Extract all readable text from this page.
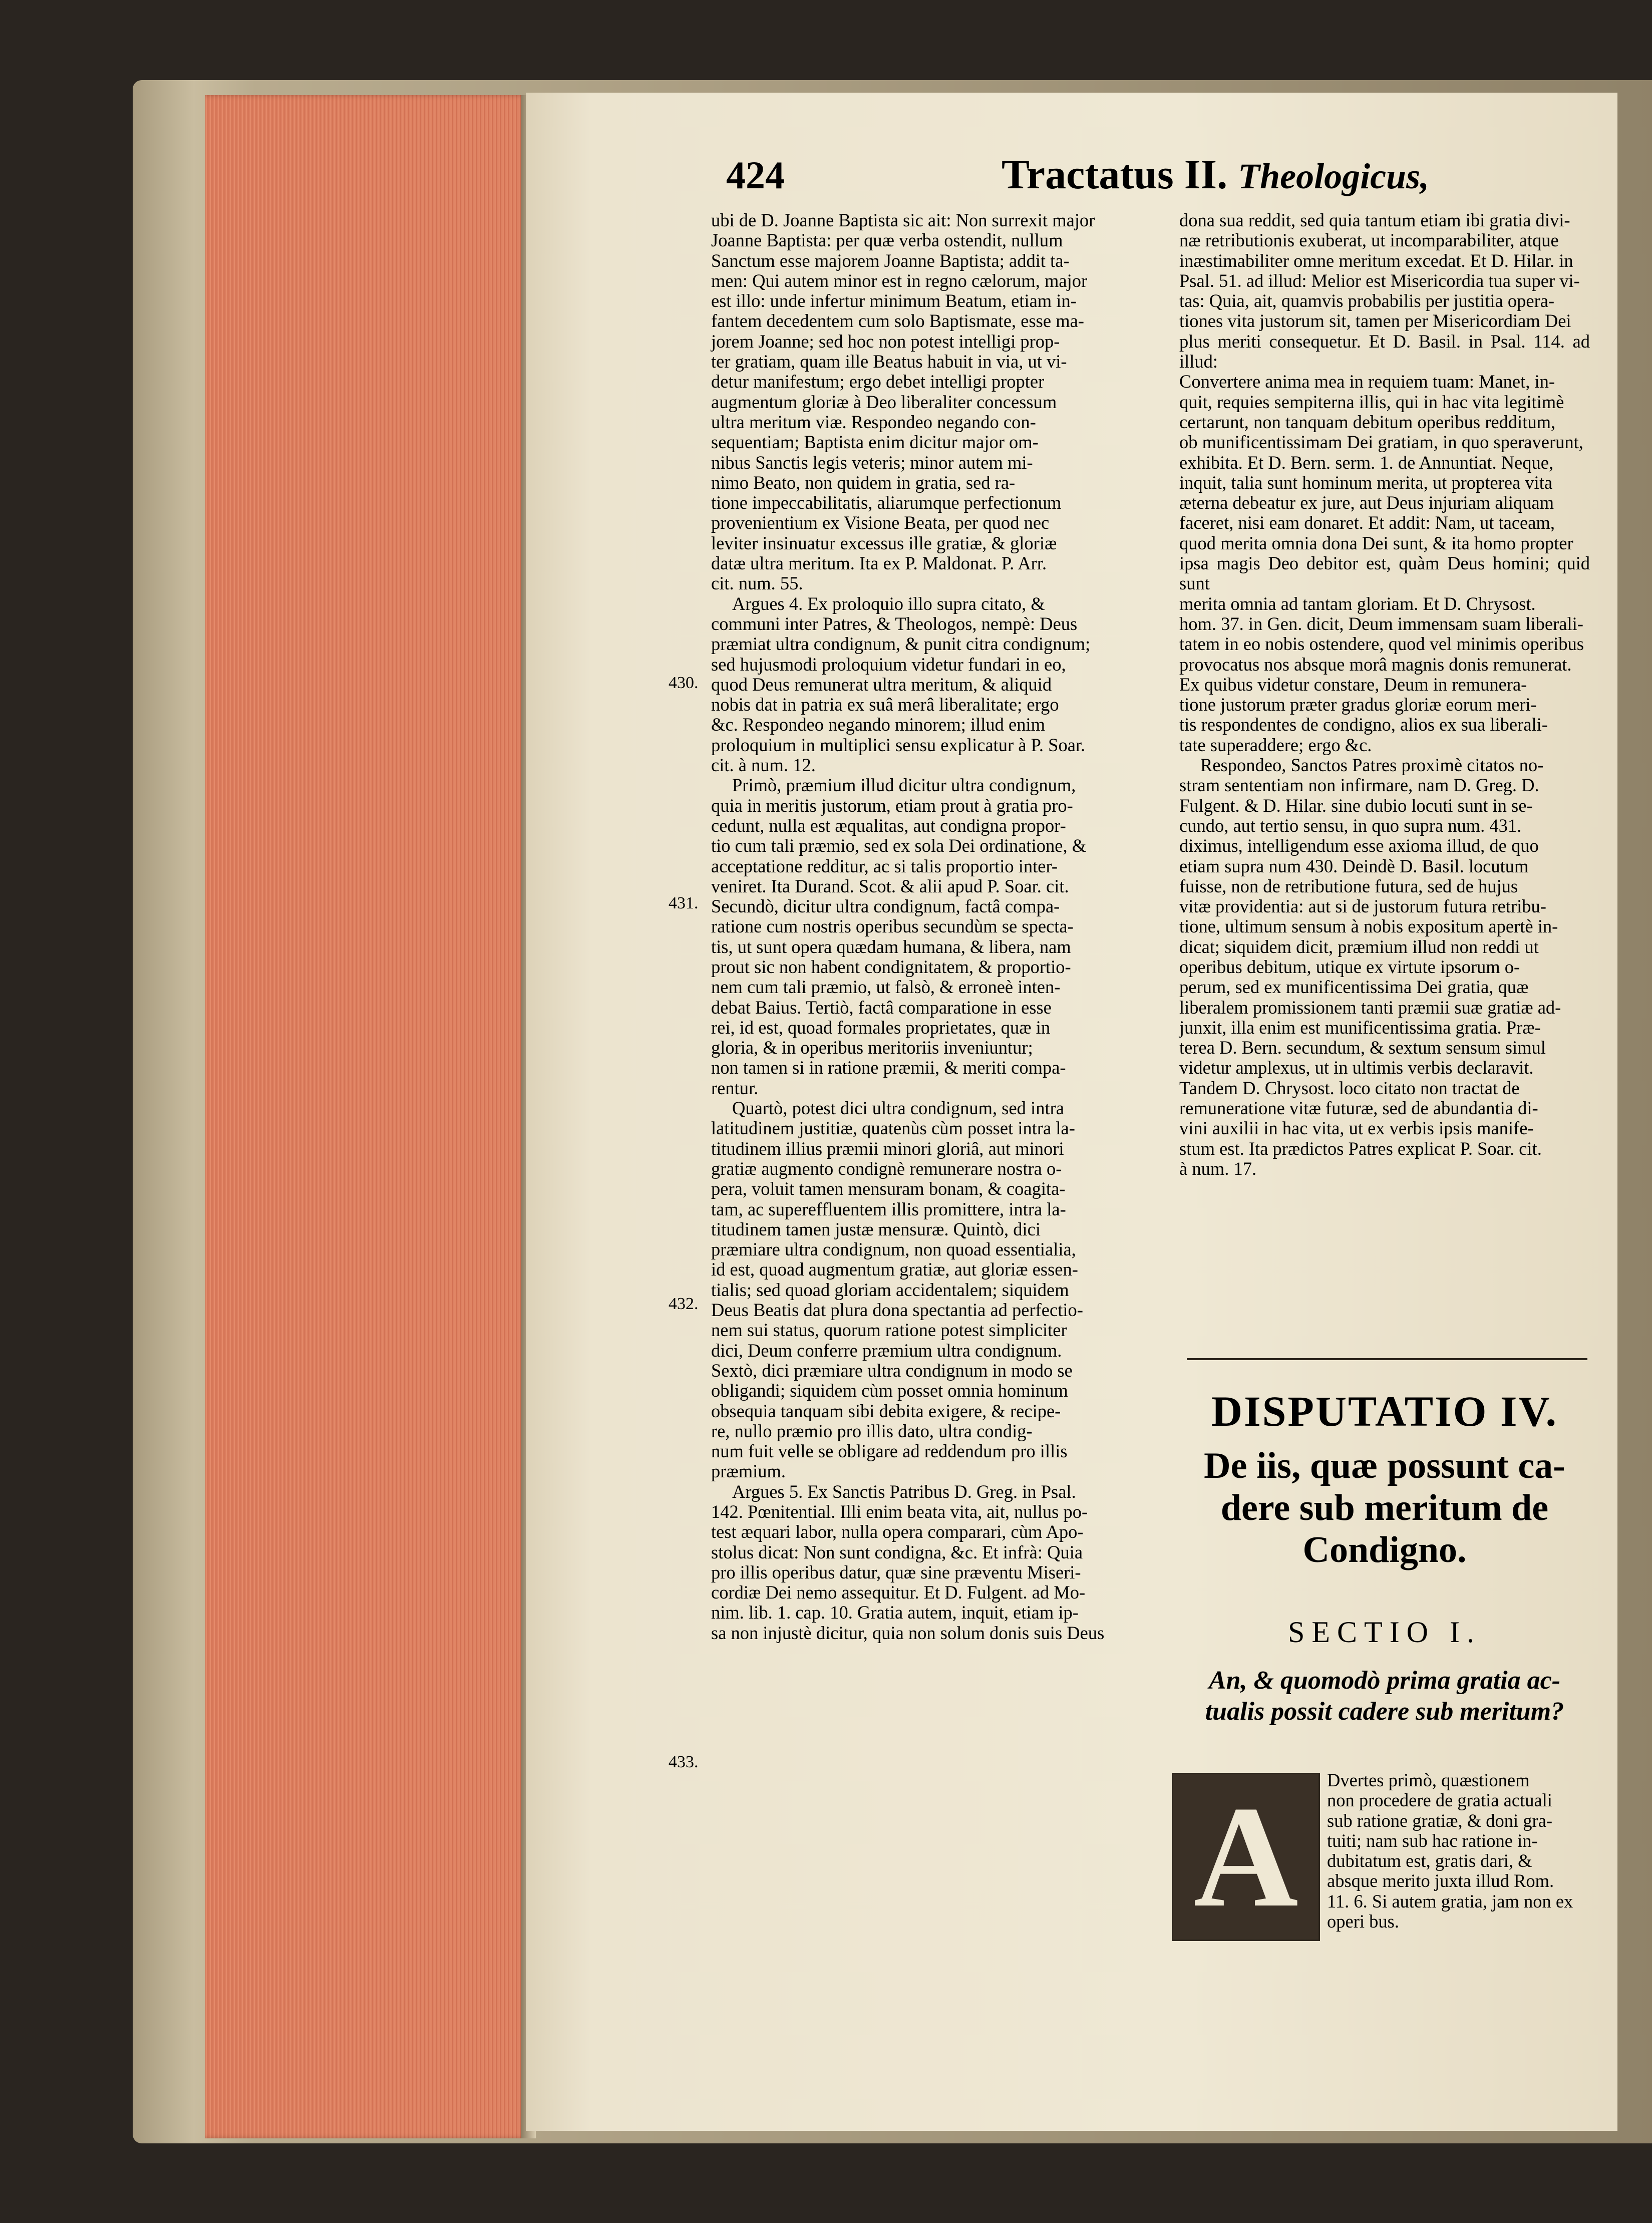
424	Tractatus II. Theologicus,

ubi de D. Joanne Baptista sic ait: Non surrexit major
Joanne Baptista: per quæ verba ostendit, nullum
Sanctum esse majorem Joanne Baptista; addit ta-
men: Qui autem minor est in regno cælorum, major
est illo: unde infertur minimum Beatum, etiam in-
fantem decedentem cum solo Baptismate, esse ma-
jorem Joanne; sed hoc non potest intelligi prop-
ter gratiam, quam ille Beatus habuit in via, ut vi-
detur manifestum; ergo debet intelligi propter
augmentum gloriæ à Deo liberaliter concessum
ultra meritum viæ. Respondeo negando con-
sequentiam; Baptista enim dicitur major om-
nibus Sanctis legis veteris; minor autem mi-
nimo Beato, non quidem in gratia, sed ra-
tione impeccabilitatis, aliarumque perfectionum
provenientium ex Visione Beata, per quod nec
leviter insinuatur excessus ille gratiæ, & gloriæ
datæ ultra meritum. Ita ex P. Maldonat. P. Arr.
cit. num. 55.

Argues 4. Ex proloquio illo supra citato, &
communi inter Patres, & Theologos, nempè: Deus
præmiat ultra condignum, & punit citra condignum;
sed hujusmodi proloquium videtur fundari in eo,
quod Deus remunerat ultra meritum, & aliquid
nobis dat in patria ex suâ merâ liberalitate; ergo
&c. Respondeo negando minorem; illud enim
proloquium in multiplici sensu explicatur à P. Soar.
cit. à num. 12.

Primò, præmium illud dicitur ultra condignum,
quia in meritis justorum, etiam prout à gratia pro-
cedunt, nulla est æqualitas, aut condigna propor-
tio cum tali præmio, sed ex sola Dei ordinatione, &
acceptatione redditur, ac si talis proportio inter-
veniret. Ita Durand. Scot. & alii apud P. Soar. cit.
Secundò, dicitur ultra condignum, factâ compa-
ratione cum nostris operibus secundùm se specta-
tis, ut sunt opera quædam humana, & libera, nam
prout sic non habent condignitatem, & proportio-
nem cum tali præmio, ut falsò, & erroneè inten-
debat Baius. Tertiò, factâ comparatione in esse
rei, id est, quoad formales proprietates, quæ in
gloria, & in operibus meritoriis inveniuntur;
non tamen si in ratione præmii, & meriti compa-
rentur.

Quartò, potest dici ultra condignum, sed intra
latitudinem justitiæ, quatenùs cùm posset intra la-
titudinem illius præmii minori gloriâ, aut minori
gratiæ augmento condignè remunerare nostra o-
pera, voluit tamen mensuram bonam, & coagita-
tam, ac supereffluentem illis promittere, intra la-
titudinem tamen justæ mensuræ. Quintò, dici
præmiare ultra condignum, non quoad essentialia,
id est, quoad augmentum gratiæ, aut gloriæ essen-
tialis; sed quoad gloriam accidentalem; siquidem
Deus Beatis dat plura dona spectantia ad perfectio-
nem sui status, quorum ratione potest simpliciter
dici, Deum conferre præmium ultra condignum.
Sextò, dici præmiare ultra condignum in modo se
obligandi; siquidem cùm posset omnia hominum
obsequia tanquam sibi debita exigere, & recipe-
re, nullo præmio pro illis dato, ultra condig-
num fuit velle se obligare ad reddendum pro illis
præmium.

Argues 5. Ex Sanctis Patribus D. Greg. in Psal.
142. Pœnitential. Illi enim beata vita, ait, nullus po-
test æquari labor, nulla opera comparari, cùm Apo-
stolus dicat: Non sunt condigna, &c. Et infrà: Quia
pro illis operibus datur, quæ sine præventu Miseri-
cordiæ Dei nemo assequitur. Et D. Fulgent. ad Mo-
nim. lib. 1. cap. 10. Gratia autem, inquit, etiam ip-
sa non injustè dicitur, quia non solum donis suis Deus

430.
431.
432.
433.

dona sua reddit, sed quia tantum etiam ibi gratia divi-
næ retributionis exuberat, ut incomparabiliter, atque
inæstimabiliter omne meritum excedat. Et D. Hilar. in
Psal. 51. ad illud: Melior est Misericordia tua super vi-
tas: Quia, ait, quamvis probabilis per justitia opera-
tiones vita justorum sit, tamen per Misericordiam Dei
plus meriti consequetur. Et D. Basil. in Psal. 114. ad illud:
Convertere anima mea in requiem tuam: Manet, in-
quit, requies sempiterna illis, qui in hac vita legitimè
certarunt, non tanquam debitum operibus redditum,
ob munificentissimam Dei gratiam, in quo speraverunt,
exhibita. Et D. Bern. serm. 1. de Annuntiat. Neque,
inquit, talia sunt hominum merita, ut propterea vita
æterna debeatur ex jure, aut Deus injuriam aliquam
faceret, nisi eam donaret. Et addit: Nam, ut taceam,
quod merita omnia dona Dei sunt, & ita homo propter
ipsa magis Deo debitor est, quàm Deus homini; quid sunt
merita omnia ad tantam gloriam. Et D. Chrysost.
hom. 37. in Gen. dicit, Deum immensam suam liberali-
tatem in eo nobis ostendere, quod vel minimis operibus
provocatus nos absque morâ magnis donis remunerat.
Ex quibus videtur constare, Deum in remunera-
tione justorum præter gradus gloriæ eorum meri-
tis respondentes de condigno, alios ex sua liberali-
tate superaddere; ergo &c.

Respondeo, Sanctos Patres proximè citatos no-
stram sententiam non infirmare, nam D. Greg. D.
Fulgent. & D. Hilar. sine dubio locuti sunt in se-
cundo, aut tertio sensu, in quo supra num. 431.
diximus, intelligendum esse axioma illud, de quo
etiam supra num 430. Deindè D. Basil. locutum
fuisse, non de retributione futura, sed de hujus
vitæ providentia: aut si de justorum futura retribu-
tione, ultimum sensum à nobis expositum apertè in-
dicat; siquidem dicit, præmium illud non reddi ut
operibus debitum, utique ex virtute ipsorum o-
perum, sed ex munificentissima Dei gratia, quæ
liberalem promissionem tanti præmii suæ gratiæ ad-
junxit, illa enim est munificentissima gratia. Præ-
terea D. Bern. secundum, & sextum sensum simul
videtur amplexus, ut in ultimis verbis declaravit.
Tandem D. Chrysost. loco citato non tractat de
remuneratione vitæ futuræ, sed de abundantia di-
vini auxilii in hac vita, ut ex verbis ipsis manife-
stum est. Ita prædictos Patres explicat P. Soar. cit.
à num. 17.

DISPUTATIO IV.
De iis, quæ possunt ca-
dere sub meritum de
Condigno.
SECTIO I.
An, & quomodò prima gratia ac-
tualis possit cadere sub meritum?
A	Dvertes primò, quæstionem
non procedere de gratia actuali
sub ratione gratiæ, & doni gra-
tuiti; nam sub hac ratione in-
dubitatum est, gratis dari, &
absque merito juxta illud Rom.
11. 6. Si autem gratia, jam non ex
operi bus.
